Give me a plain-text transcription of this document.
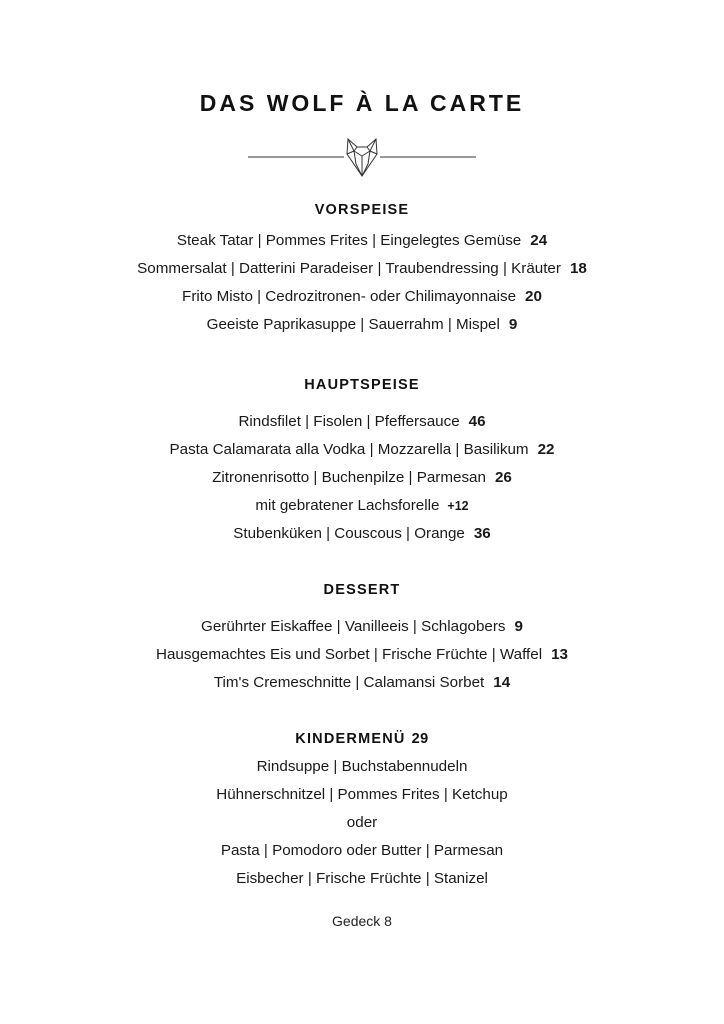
DAS WOLF À LA CARTE
VORSPEISE
Steak Tatar | Pommes Frites | Eingelegtes Gemüse 24
Sommersalat | Datterini Paradeiser | Traubendressing | Kräuter 18
Frito Misto | Cedrozitronen- oder Chilimayonnaise 20
Geeiste Paprikasuppe | Sauerrahm | Mispel 9
HAUPTSPEISE
Rindsfilet | Fisolen | Pfeffersauce 46
Pasta Calamarata alla Vodka | Mozzarella | Basilikum 22
Zitronenrisotto | Buchenpilze | Parmesan 26
mit gebratener Lachsforelle +12
Stubenküken | Couscous | Orange 36
DESSERT
Gerührter Eiskaffee | Vanilleeis | Schlagobers 9
Hausgemachtes Eis und Sorbet | Frische Früchte | Waffel 13
Tim's Cremeschnitte | Calamansi Sorbet 14
KINDERMENÜ 29
Rindsuppe | Buchstabennudeln
Hühnerschnitzel | Pommes Frites | Ketchup
oder
Pasta | Pomodoro oder Butter | Parmesan
Eisbecher | Frische Früchte | Stanizel
Gedeck 8
